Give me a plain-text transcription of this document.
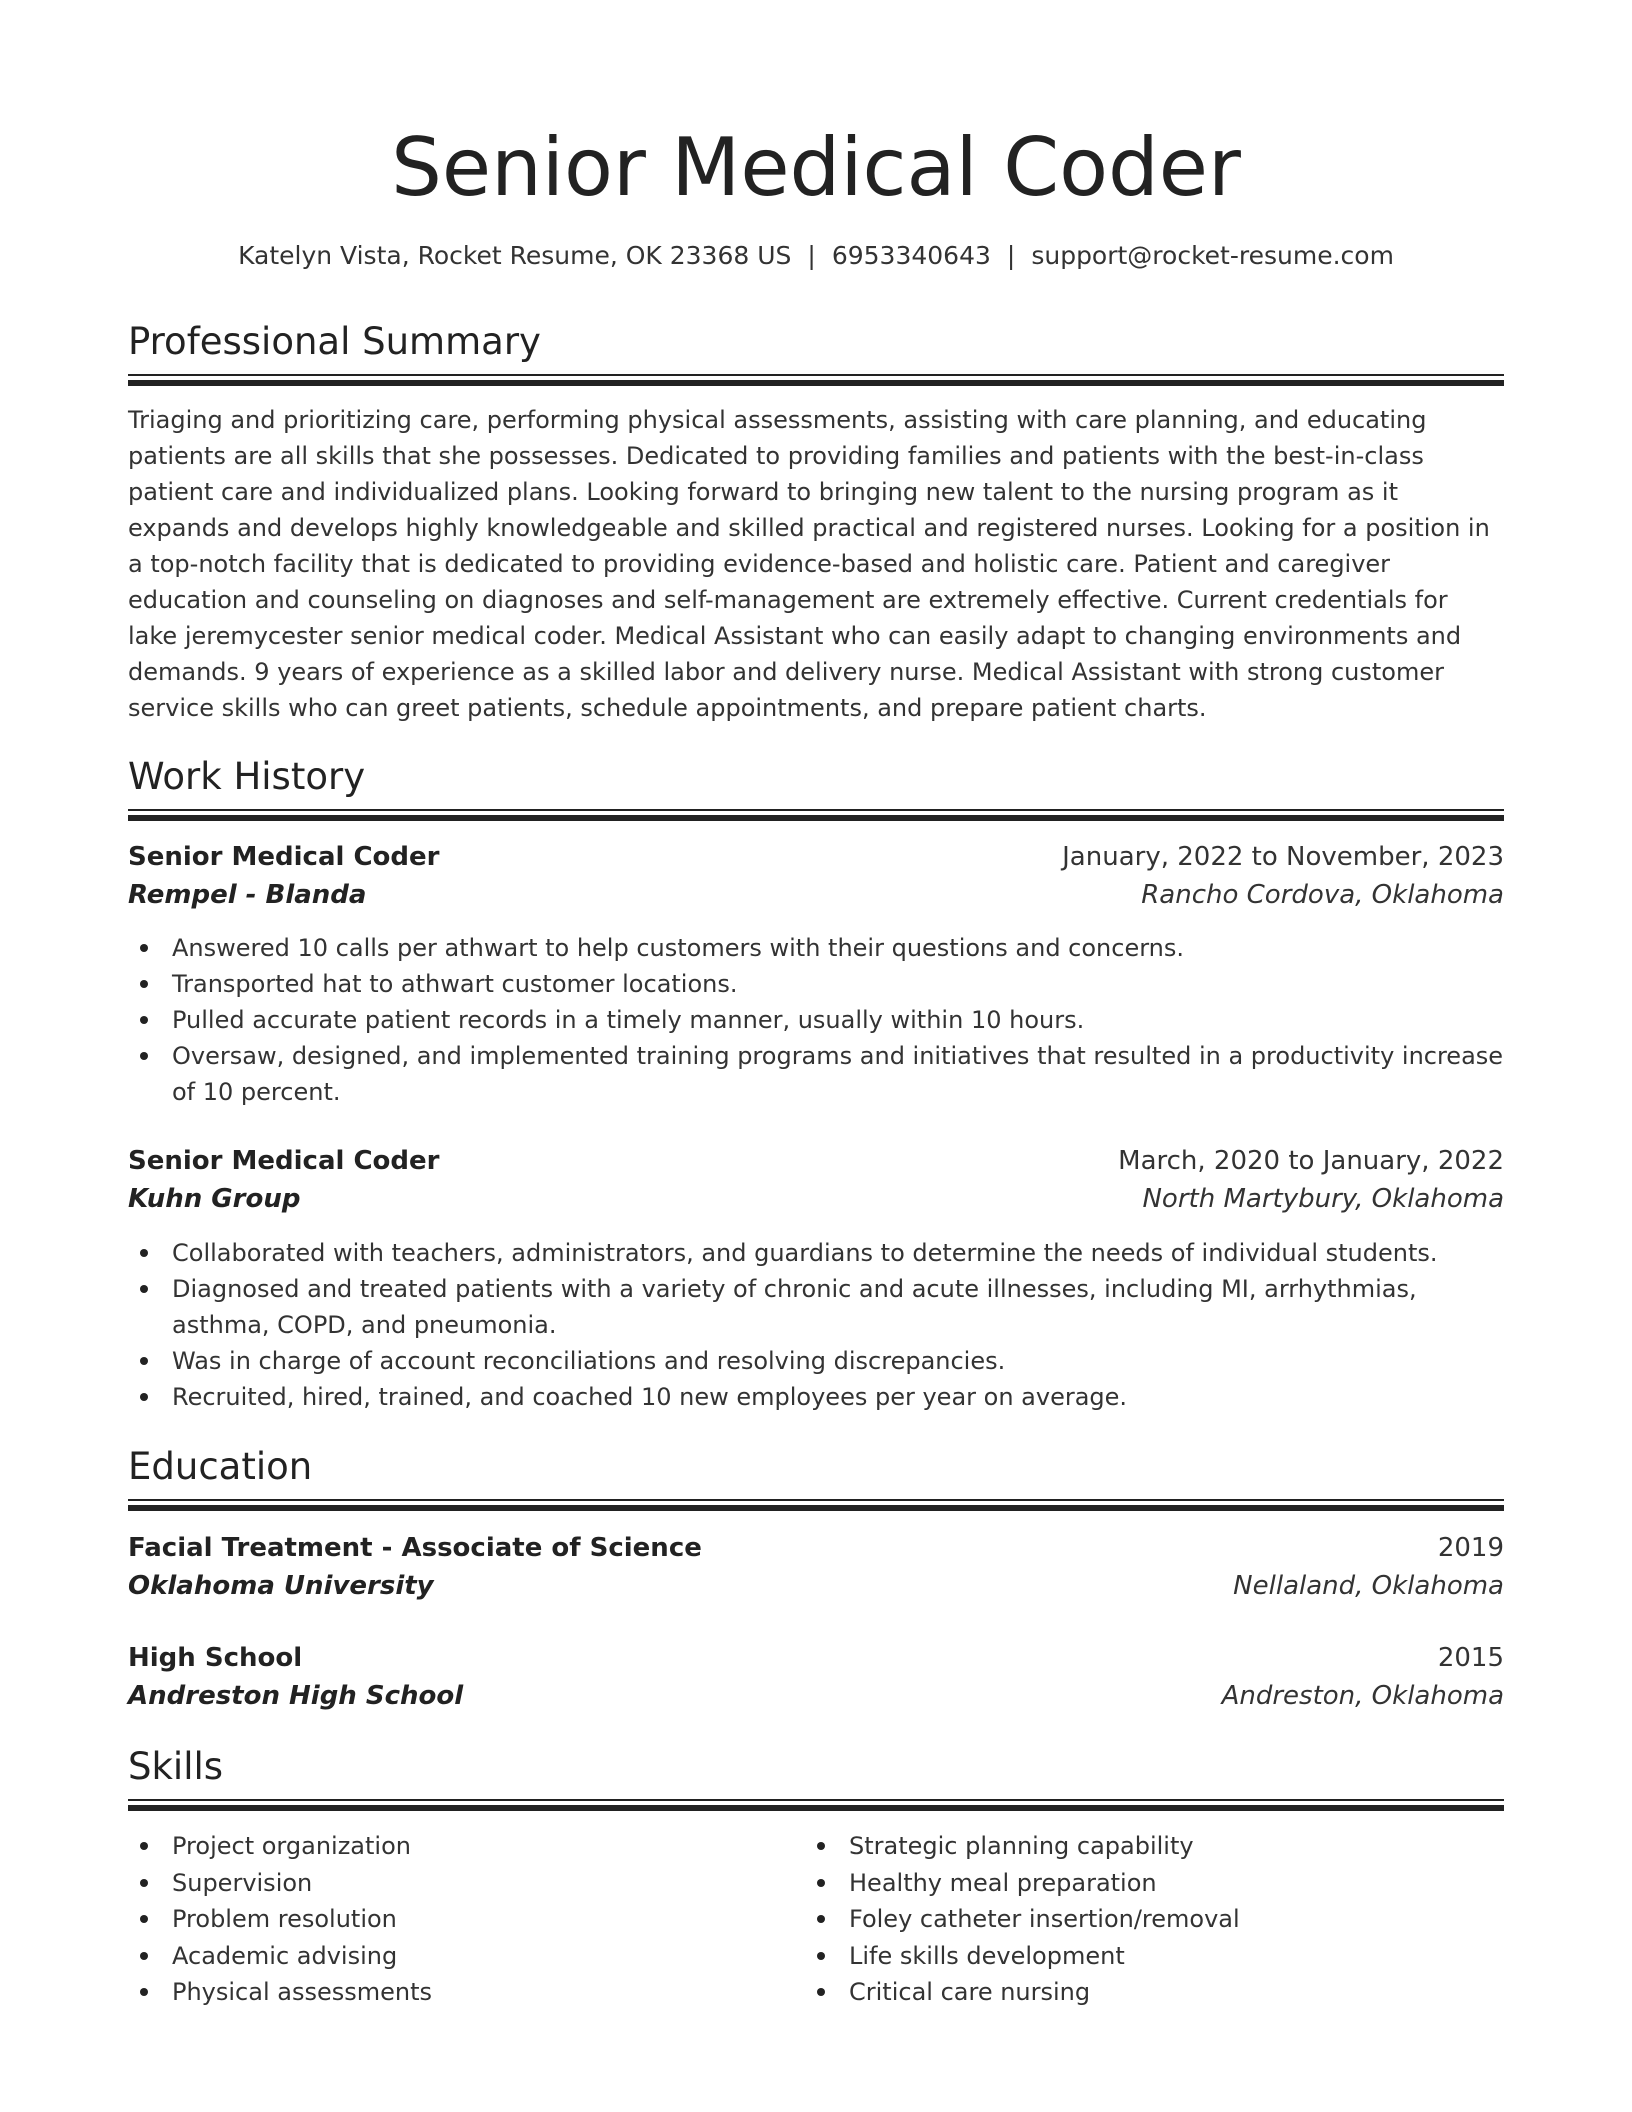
Senior Medical Coder
Katelyn Vista, Rocket Resume, OK 23368 US | 6953340643 | support@rocket-resume.com
Professional Summary

Triaging and prioritizing care, performing physical assessments, assisting with care planning, and educating patients are all skills that she possesses. Dedicated to providing families and patients with the best-in-class patient care and individualized plans. Looking forward to bringing new talent to the nursing program as it expands and develops highly knowledgeable and skilled practical and registered nurses. Looking for a position in a top-notch facility that is dedicated to providing evidence-based and holistic care. Patient and caregiver education and counseling on diagnoses and self-management are extremely effective. Current credentials for lake jeremycester senior medical coder. Medical Assistant who can easily adapt to changing environments and demands. 9 years of experience as a skilled labor and delivery nurse. Medical Assistant with strong customer service skills who can greet patients, schedule appointments, and prepare patient charts.

Work History
Senior Medical Coder	January, 2022 to November, 2023
Rempel - Blanda	Rancho Cordova, Oklahoma
Answered 10 calls per athwart to help customers with their questions and concerns.
Transported hat to athwart customer locations.
Pulled accurate patient records in a timely manner, usually within 10 hours.
Oversaw, designed, and implemented training programs and initiatives that resulted in a productivity increase of 10 percent.
Senior Medical Coder	March, 2020 to January, 2022
Kuhn Group	North Martybury, Oklahoma
Collaborated with teachers, administrators, and guardians to determine the needs of individual students.
Diagnosed and treated patients with a variety of chronic and acute illnesses, including MI, arrhythmias, asthma, COPD, and pneumonia.
Was in charge of account reconciliations and resolving discrepancies.
Recruited, hired, trained, and coached 10 new employees per year on average.
Education
Facial Treatment - Associate of Science	2019
Oklahoma University	Nellaland, Oklahoma
High School	2015
Andreston High School	Andreston, Oklahoma
Skills
Project organization
Supervision
Problem resolution
Academic advising
Physical assessments
Strategic planning capability
Healthy meal preparation
Foley catheter insertion/removal
Life skills development
Critical care nursing
